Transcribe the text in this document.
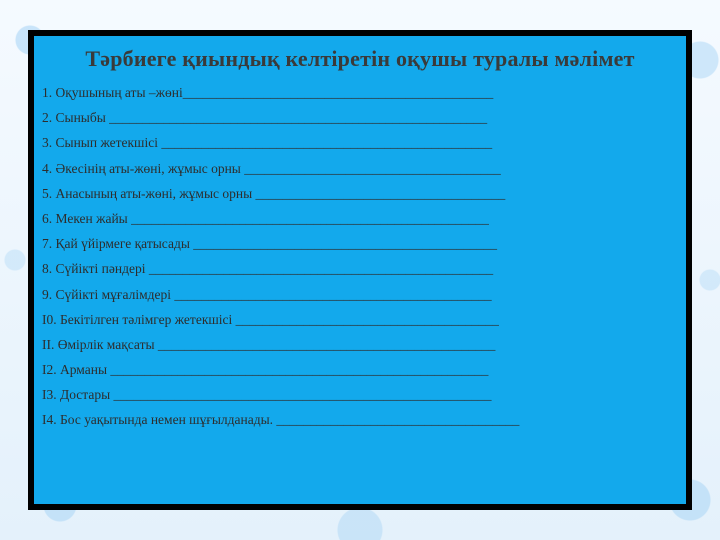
Тәрбиеге қиындық келтіретін оқушы туралы мәлімет
1. Оқушының аты –жөні______________________________________________
2. Сыныбы ________________________________________________________
3. Сынып жетекшісі _________________________________________________
4. Әкесінің аты-жөні, жұмыс орны ______________________________________
5. Анасының аты-жөні, жұмыс орны _____________________________________
6. Мекен жайы _____________________________________________________
7. Қай үйірмеге қатысады _____________________________________________
8. Сүйікті пәндері ___________________________________________________
9. Сүйікті мұғалімдері _______________________________________________
I0. Бекітілген тәлімгер жетекшісі _______________________________________
II. Өмірлік мақсаты __________________________________________________
I2. Арманы ________________________________________________________
I3. Достары ________________________________________________________
I4. Бос уақытында немен шұғылданады. ____________________________________
